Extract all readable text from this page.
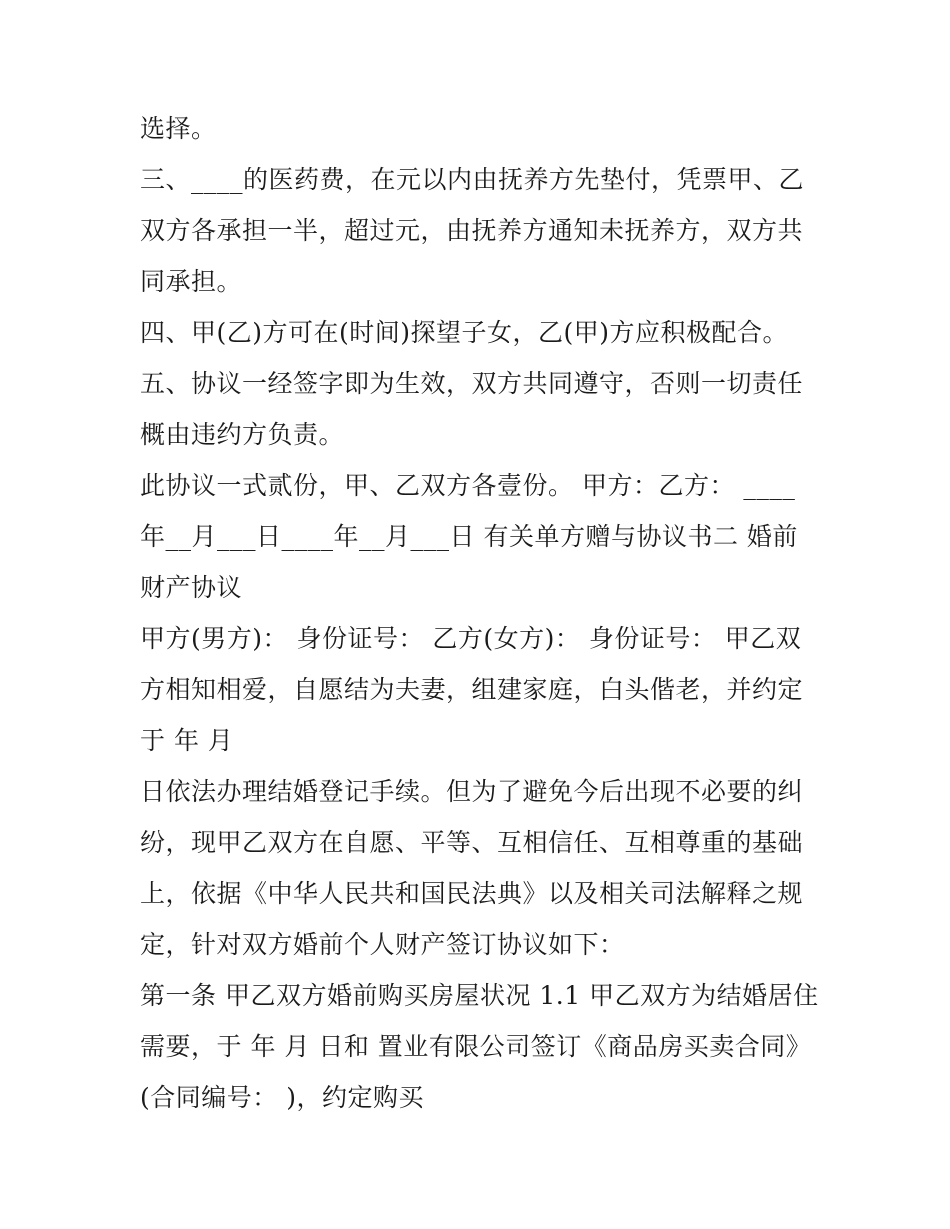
选择。

三、____的医药费，在元以内由抚养方先垫付，凭票甲、乙双方各承担一半，超过元，由抚养方通知未抚养方，双方共同承担。

四、甲(乙)方可在(时间)探望子女，乙(甲)方应积极配合。

五、协议一经签字即为生效，双方共同遵守，否则一切责任概由违约方负责。

此协议一式贰份，甲、乙双方各壹份。 甲方：乙方： ____年__月___日____年__月___日 有关单方赠与协议书二 婚前财产协议

甲方(男方)： 身份证号： 乙方(女方)： 身份证号： 甲乙双方相知相爱，自愿结为夫妻，组建家庭，白头偕老，并约定于 年 月

日依法办理结婚登记手续。但为了避免今后出现不必要的纠纷，现甲乙双方在自愿、平等、互相信任、互相尊重的基础上，依据《中华人民共和国民法典》以及相关司法解释之规定，针对双方婚前个人财产签订协议如下：

第一条 甲乙双方婚前购买房屋状况 1.1 甲乙双方为结婚居住需要，于 年 月 日和 置业有限公司签订《商品房买卖合同》(合同编号： )，约定购买
